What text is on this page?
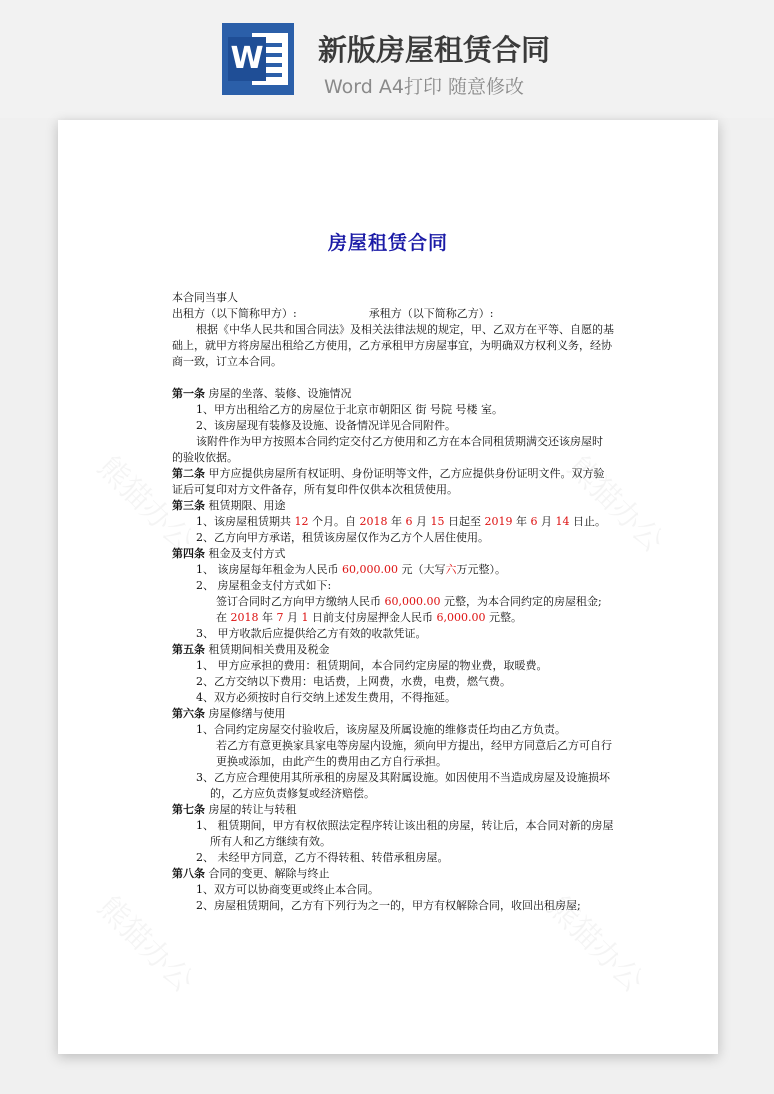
W 新版房屋租赁合同
Word A4打印 随意修改
房屋租赁合同
本合同当事人
出租方（以下简称甲方）:	承租方（以下简称乙方）:
根据《中华人民共和国合同法》及相关法律法规的规定，甲、乙双方在平等、自愿的基
础上，就甲方将房屋出租给乙方使用，乙方承租甲方房屋事宜，为明确双方权利义务，经协
商一致，订立本合同。
第一条 房屋的坐落、装修、设施情况
1、甲方出租给乙方的房屋位于北京市朝阳区 街 号院 号楼 室。
2、该房屋现有装修及设施、设备情况详见合同附件。
该附件作为甲方按照本合同约定交付乙方使用和乙方在本合同租赁期满交还该房屋时
的验收依据。
第二条 甲方应提供房屋所有权证明、身份证明等文件，乙方应提供身份证明文件。双方验
证后可复印对方文件备存，所有复印件仅供本次租赁使用。
第三条 租赁期限、用途
1、该房屋租赁期共 12 个月。自 2018 年 6 月 15 日起至 2019 年 6 月 14 日止。
2、乙方向甲方承诺，租赁该房屋仅作为乙方个人居住使用。
第四条 租金及支付方式
1、 该房屋每年租金为人民币 60,000.00 元（大写六万元整）。
2、 房屋租金支付方式如下:
签订合同时乙方向甲方缴纳人民币 60,000.00 元整，为本合同约定的房屋租金;
在 2018 年 7 月 1 日前支付房屋押金人民币 6,000.00 元整。
3、 甲方收款后应提供给乙方有效的收款凭证。
第五条 租赁期间相关费用及税金
1、 甲方应承担的费用：租赁期间，本合同约定房屋的物业费，取暖费。
2、乙方交纳以下费用：电话费，上网费，水费，电费，燃气费。
4、双方必须按时自行交纳上述发生费用，不得拖延。
第六条 房屋修缮与使用
1、合同约定房屋交付验收后，该房屋及所属设施的维修责任均由乙方负责。
若乙方有意更换家具家电等房屋内设施，须向甲方提出，经甲方同意后乙方可自行
更换或添加，由此产生的费用由乙方自行承担。
3、乙方应合理使用其所承租的房屋及其附属设施。如因使用不当造成房屋及设施损坏
的，乙方应负责修复或经济赔偿。
第七条 房屋的转让与转租
1、 租赁期间，甲方有权依照法定程序转让该出租的房屋，转让后，本合同对新的房屋
所有人和乙方继续有效。
2、 未经甲方同意，乙方不得转租、转借承租房屋。
第八条 合同的变更、解除与终止
1、双方可以协商变更或终止本合同。
2、房屋租赁期间，乙方有下列行为之一的，甲方有权解除合同，收回出租房屋;
